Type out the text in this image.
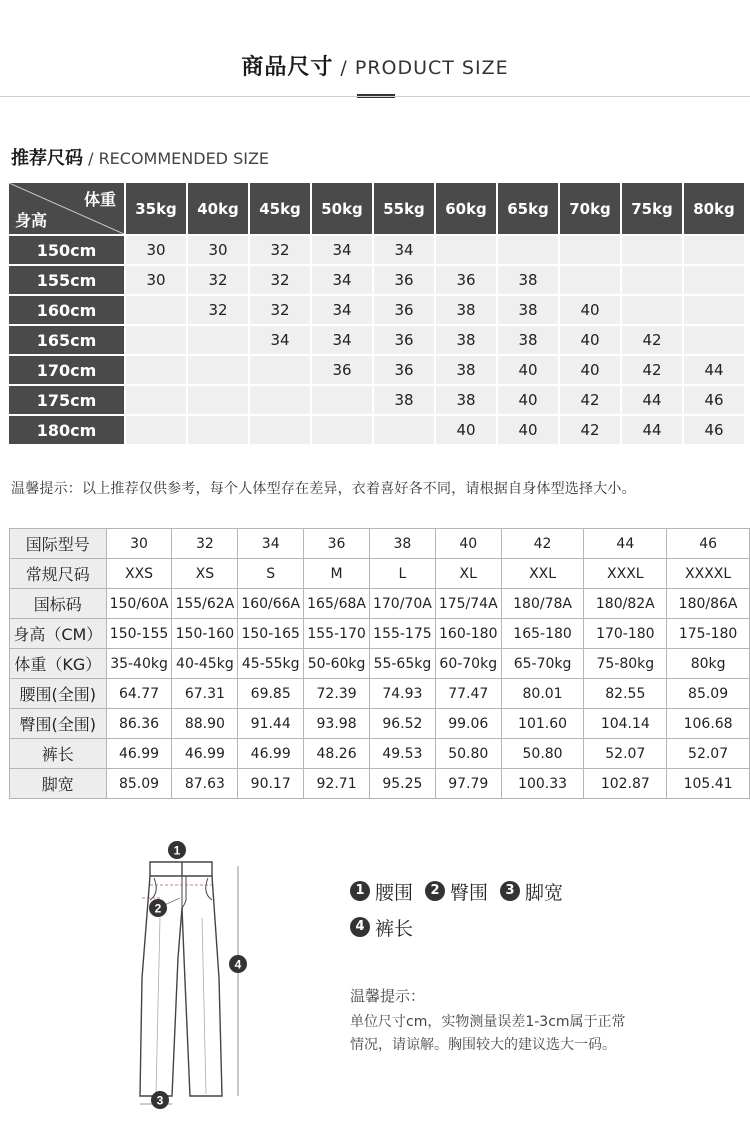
商品尺寸 / PRODUCT SIZE
推荐尺码 / RECOMMENDED SIZE
体重
身高	35kg	40kg	45kg	50kg	55kg	60kg	65kg	70kg	75kg	80kg
150cm	30	30	32	34	34					
155cm	30	32	32	34	36	36	38			
160cm		32	32	34	36	38	38	40		
165cm			34	34	36	38	38	40	42	
170cm				36	36	38	40	40	42	44
175cm					38	38	40	42	44	46
180cm						40	40	42	44	46
温馨提示：以上推荐仅供参考，每个人体型存在差异，衣着喜好各不同，请根据自身体型选择大小。
国际型号	30	32	34	36	38	40	42	44	46
常规尺码	XXS	XS	S	M	L	XL	XXL	XXXL	XXXXL
国标码	150/60A	155/62A	160/66A	165/68A	170/70A	175/74A	180/78A	180/82A	180/86A
身高（CM）	150-155	150-160	150-165	155-170	155-175	160-180	165-180	170-180	175-180
体重（KG）	35-40kg	40-45kg	45-55kg	50-60kg	55-65kg	60-70kg	65-70kg	75-80kg	80kg
腰围(全围)	64.77	67.31	69.85	72.39	74.93	77.47	80.01	82.55	85.09
臀围(全围)	86.36	88.90	91.44	93.98	96.52	99.06	101.60	104.14	106.68
裤长	46.99	46.99	46.99	48.26	49.53	50.80	50.80	52.07	52.07
脚宽	85.09	87.63	90.17	92.71	95.25	97.79	100.33	102.87	105.41
1
2
3
4
1 腰围	2 臀围	3 脚宽
4 裤长
温馨提示：
单位尺寸cm，实物测量误差1-3cm属于正常
情况，请谅解。胸围较大的建议选大一码。
